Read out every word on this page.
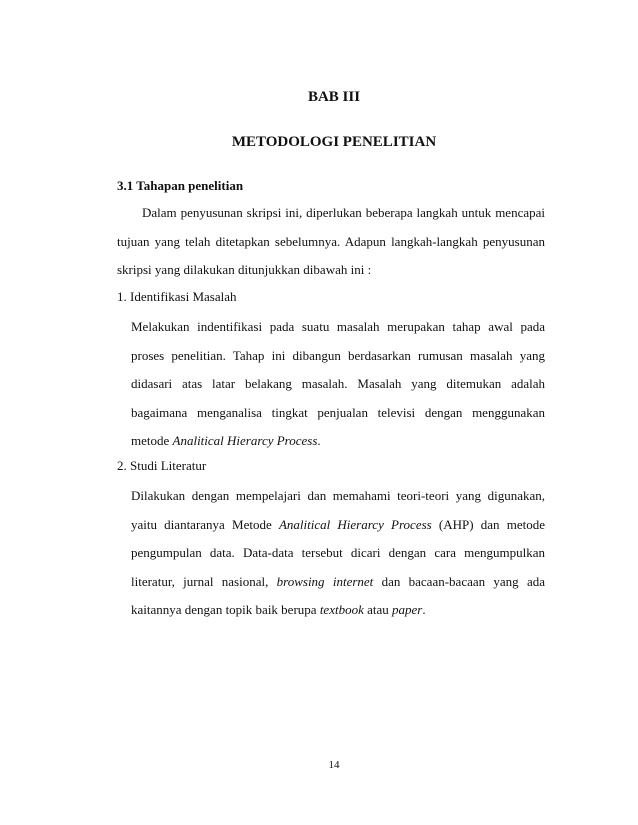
BAB III
METODOLOGI PENELITIAN
3.1 Tahapan penelitian
Dalam penyusunan skripsi ini, diperlukan beberapa langkah untuk mencapai tujuan yang telah ditetapkan sebelumnya. Adapun langkah-langkah penyusunan skripsi yang dilakukan ditunjukkan dibawah ini :
1. Identifikasi Masalah
Melakukan indentifikasi pada suatu masalah merupakan tahap awal pada proses penelitian. Tahap ini dibangun berdasarkan rumusan masalah yang didasari atas latar belakang masalah. Masalah yang ditemukan adalah bagaimana menganalisa tingkat penjualan televisi dengan menggunakan metode Analitical Hierarcy Process.
2. Studi Literatur
Dilakukan dengan mempelajari dan memahami teori-teori yang digunakan, yaitu diantaranya Metode Analitical Hierarcy Process (AHP) dan metode pengumpulan data. Data-data tersebut dicari dengan cara mengumpulkan literatur, jurnal nasional, browsing internet dan bacaan-bacaan yang ada kaitannya dengan topik baik berupa textbook atau paper.
14
